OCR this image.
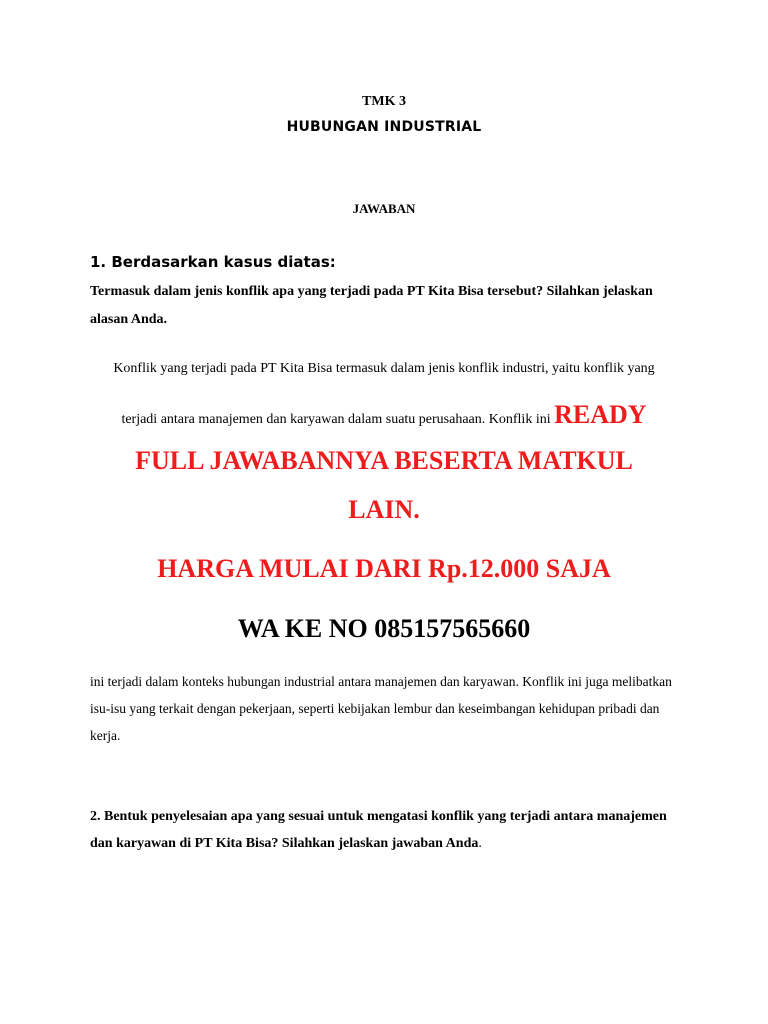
TMK 3

HUBUNGAN INDUSTRIAL

JAWABAN

1. Berdasarkan kasus diatas:

Termasuk dalam jenis konflik apa yang terjadi pada PT Kita Bisa tersebut? Silahkan jelaskan alasan Anda.

Konflik yang terjadi pada PT Kita Bisa termasuk dalam jenis konflik industri, yaitu konflik yang

terjadi antara manajemen dan karyawan dalam suatu perusahaan. Konflik ini READY

FULL JAWABANNYA BESERTA MATKUL

LAIN.

HARGA MULAI DARI Rp.12.000 SAJA

WA KE NO 085157565660

ini terjadi dalam konteks hubungan industrial antara manajemen dan karyawan. Konflik ini juga melibatkan isu-isu yang terkait dengan pekerjaan, seperti kebijakan lembur dan keseimbangan kehidupan pribadi dan kerja.

2. Bentuk penyelesaian apa yang sesuai untuk mengatasi konflik yang terjadi antara manajemen dan karyawan di PT Kita Bisa? Silahkan jelaskan jawaban Anda.
